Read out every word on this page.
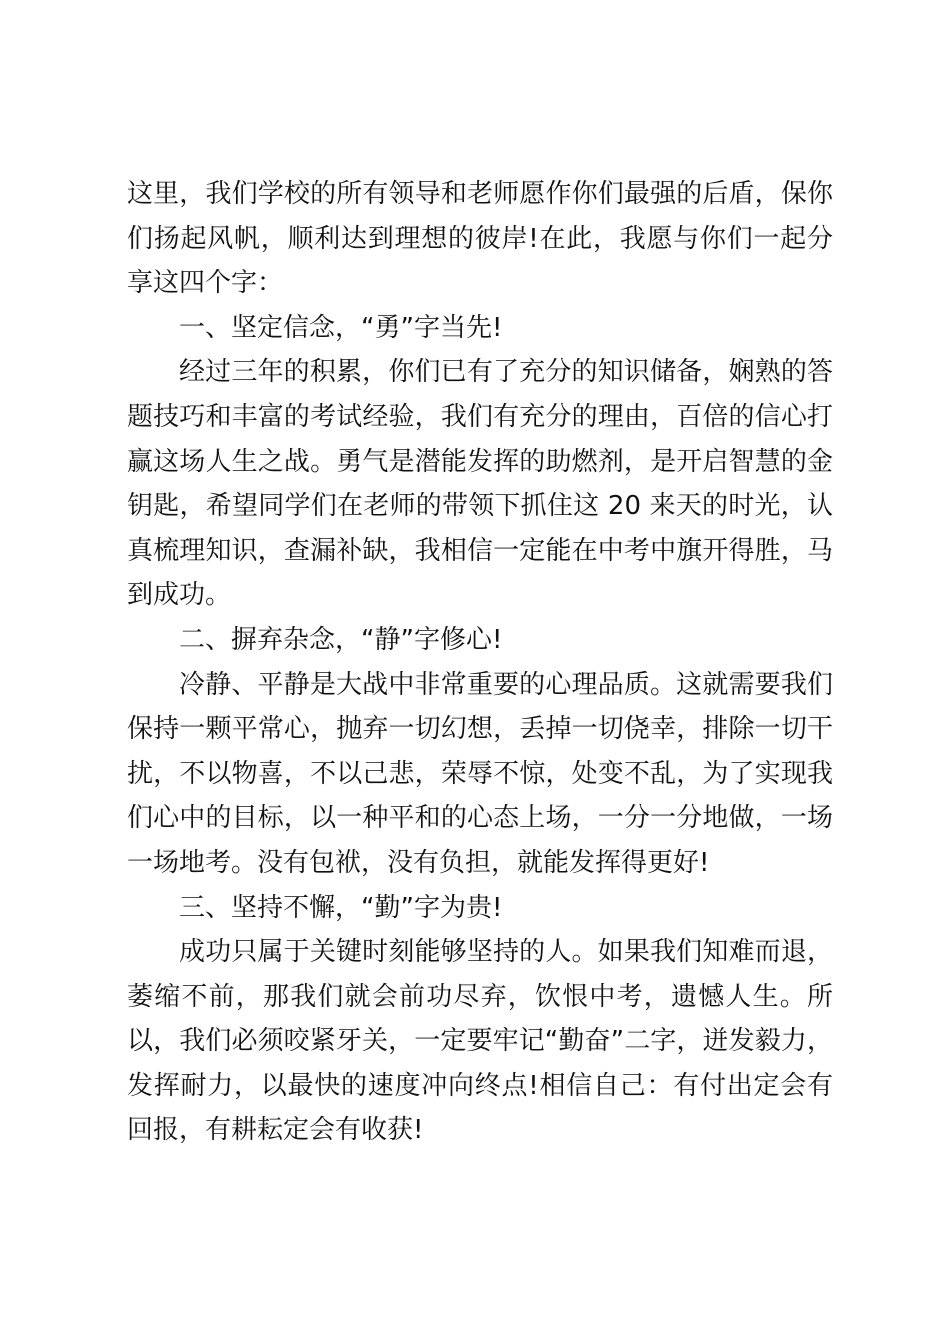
这里，我们学校的所有领导和老师愿作你们最强的后盾，保你们扬起风帆，顺利达到理想的彼岸!在此，我愿与你们一起分享这四个字：

一、坚定信念，“勇”字当先!

经过三年的积累，你们已有了充分的知识储备，娴熟的答题技巧和丰富的考试经验，我们有充分的理由，百倍的信心打赢这场人生之战。勇气是潜能发挥的助燃剂，是开启智慧的金钥匙，希望同学们在老师的带领下抓住这 20 来天的时光，认真梳理知识，查漏补缺，我相信一定能在中考中旗开得胜，马到成功。

二、摒弃杂念，“静”字修心!

冷静、平静是大战中非常重要的心理品质。这就需要我们保持一颗平常心，抛弃一切幻想，丢掉一切侥幸，排除一切干扰，不以物喜，不以己悲，荣辱不惊，处变不乱，为了实现我们心中的目标，以一种平和的心态上场，一分一分地做，一场一场地考。没有包袱，没有负担，就能发挥得更好!

三、坚持不懈，“勤”字为贵!

成功只属于关键时刻能够坚持的人。如果我们知难而退，萎缩不前，那我们就会前功尽弃，饮恨中考，遗憾人生。所以，我们必须咬紧牙关，一定要牢记“勤奋”二字，迸发毅力，发挥耐力，以最快的速度冲向终点!相信自己：有付出定会有回报，有耕耘定会有收获!
